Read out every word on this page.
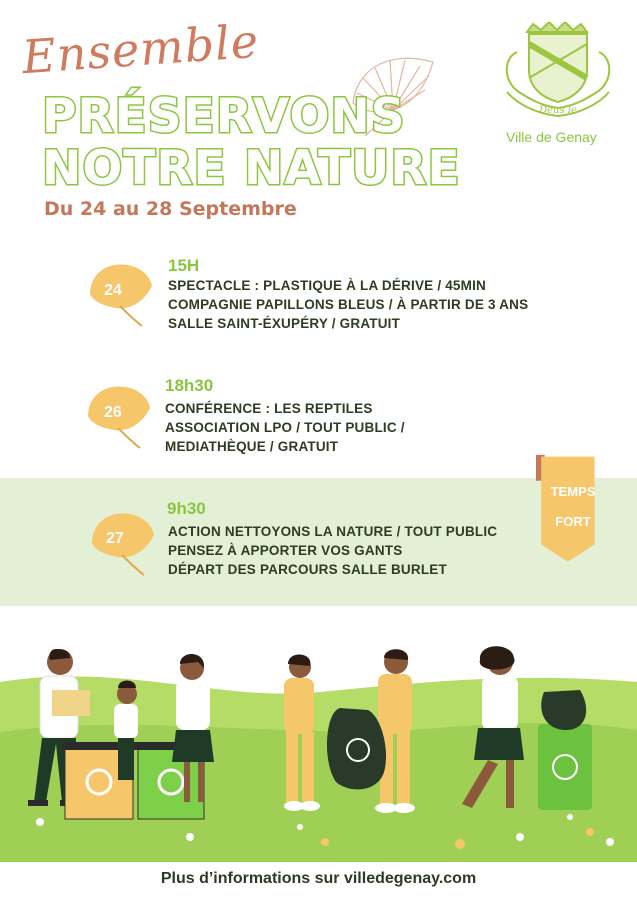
Ensemble
PRÉSERVONS
NOTRE NATURE
Du 24 au 28 Septembre
Deus le
Ville de Genay
24
15H
SPECTACLE : PLASTIQUE À LA DÉRIVE / 45MIN
COMPAGNIE PAPILLONS BLEUS / À PARTIR DE 3 ANS
SALLE SAINT-ÉXUPÉRY / GRATUIT
26
18h30
CONFÉRENCE : LES REPTILES
ASSOCIATION LPO / TOUT PUBLIC /
MEDIATHÈQUE / GRATUIT
27
9h30
ACTION NETTOYONS LA NATURE / TOUT PUBLIC
PENSEZ À APPORTER VOS GANTS
DÉPART DES PARCOURS SALLE BURLET
TEMPS
FORT
Plus d’informations sur villedegenay.com
